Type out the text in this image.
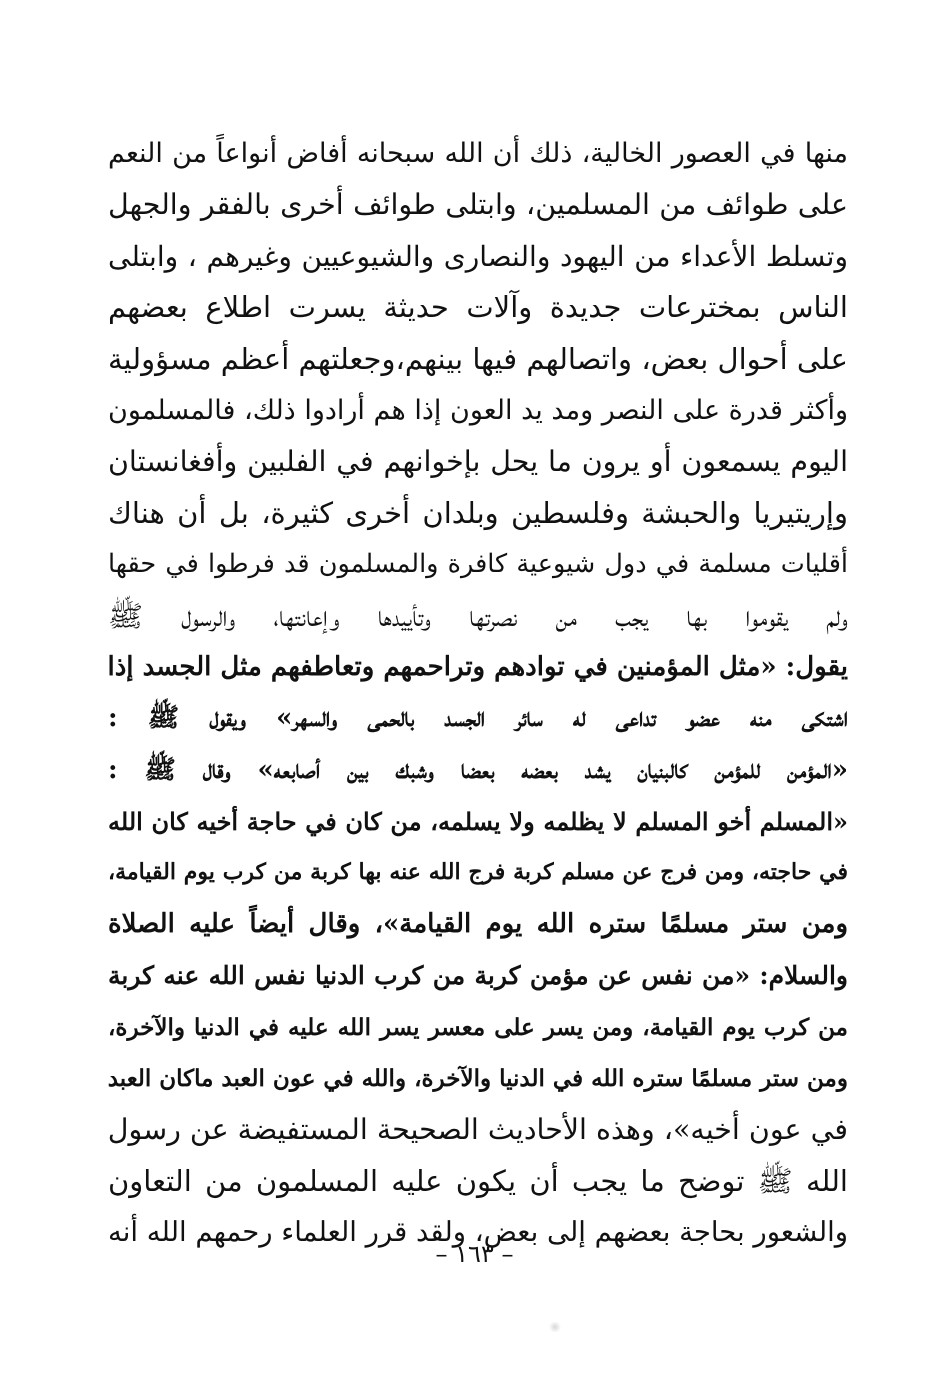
منها في العصور الخالية، ذلك أن الله سبحانه أفاض أنواعاً من النعم
على طوائف من المسلمين، وابتلى طوائف أخرى بالفقر والجهل
وتسلط الأعداء من اليهود والنصارى والشيوعيين وغيرهم ، وابتلى
الناس بمخترعات جديدة وآلات حديثة يسرت اطلاع بعضهم
على أحوال بعض، واتصالهم فيها بينهم،وجعلتهم أعظم مسؤولية
وأكثر قدرة على النصر ومد يد العون إذا هم أرادوا ذلك، فالمسلمون
اليوم يسمعون أو يرون ما يحل بإخوانهم في الفلبين وأفغانستان
وإريتيريا والحبشة وفلسطين وبلدان أخرى كثيرة، بل أن هناك
أقليات مسلمة في دول شيوعية كافرة والمسلمون قد فرطوا في حقها
ولم يقوموا بها يجب من نصرتها وتأييدها وإعانتها، والرسول ﷺ
يقول: «مثل المؤمنين في توادهم وتراحمهم وتعاطفهم مثل الجسد إذا
اشتكى منه عضو تداعى له سائر الجسد بالحمى والسهر» ويقول ﷺ :
«المؤمن للمؤمن كالبنيان يشد بعضه بعضا وشبك بين أصابعه» وقال ﷺ :
«المسلم أخو المسلم لا يظلمه ولا يسلمه، من كان في حاجة أخيه كان الله
في حاجته، ومن فرج عن مسلم كربة فرج الله عنه بها كربة من كرب يوم القيامة،
ومن ستر مسلمًا ستره الله يوم القيامة»، وقال أيضاً عليه الصلاة
والسلام: «من نفس عن مؤمن كربة من كرب الدنيا نفس الله عنه كربة
من كرب يوم القيامة، ومن يسر على معسر يسر الله عليه في الدنيا والآخرة،
ومن ستر مسلمًا ستره الله في الدنيا والآخرة، والله في عون العبد ماكان العبد
في عون أخيه»، وهذه الأحاديث الصحيحة المستفيضة عن رسول
الله ﷺ توضح ما يجب أن يكون عليه المسلمون من التعاون
والشعور بحاجة بعضهم إلى بعض، ولقد قرر العلماء رحمهم الله أنه
– ١٦٣ –
